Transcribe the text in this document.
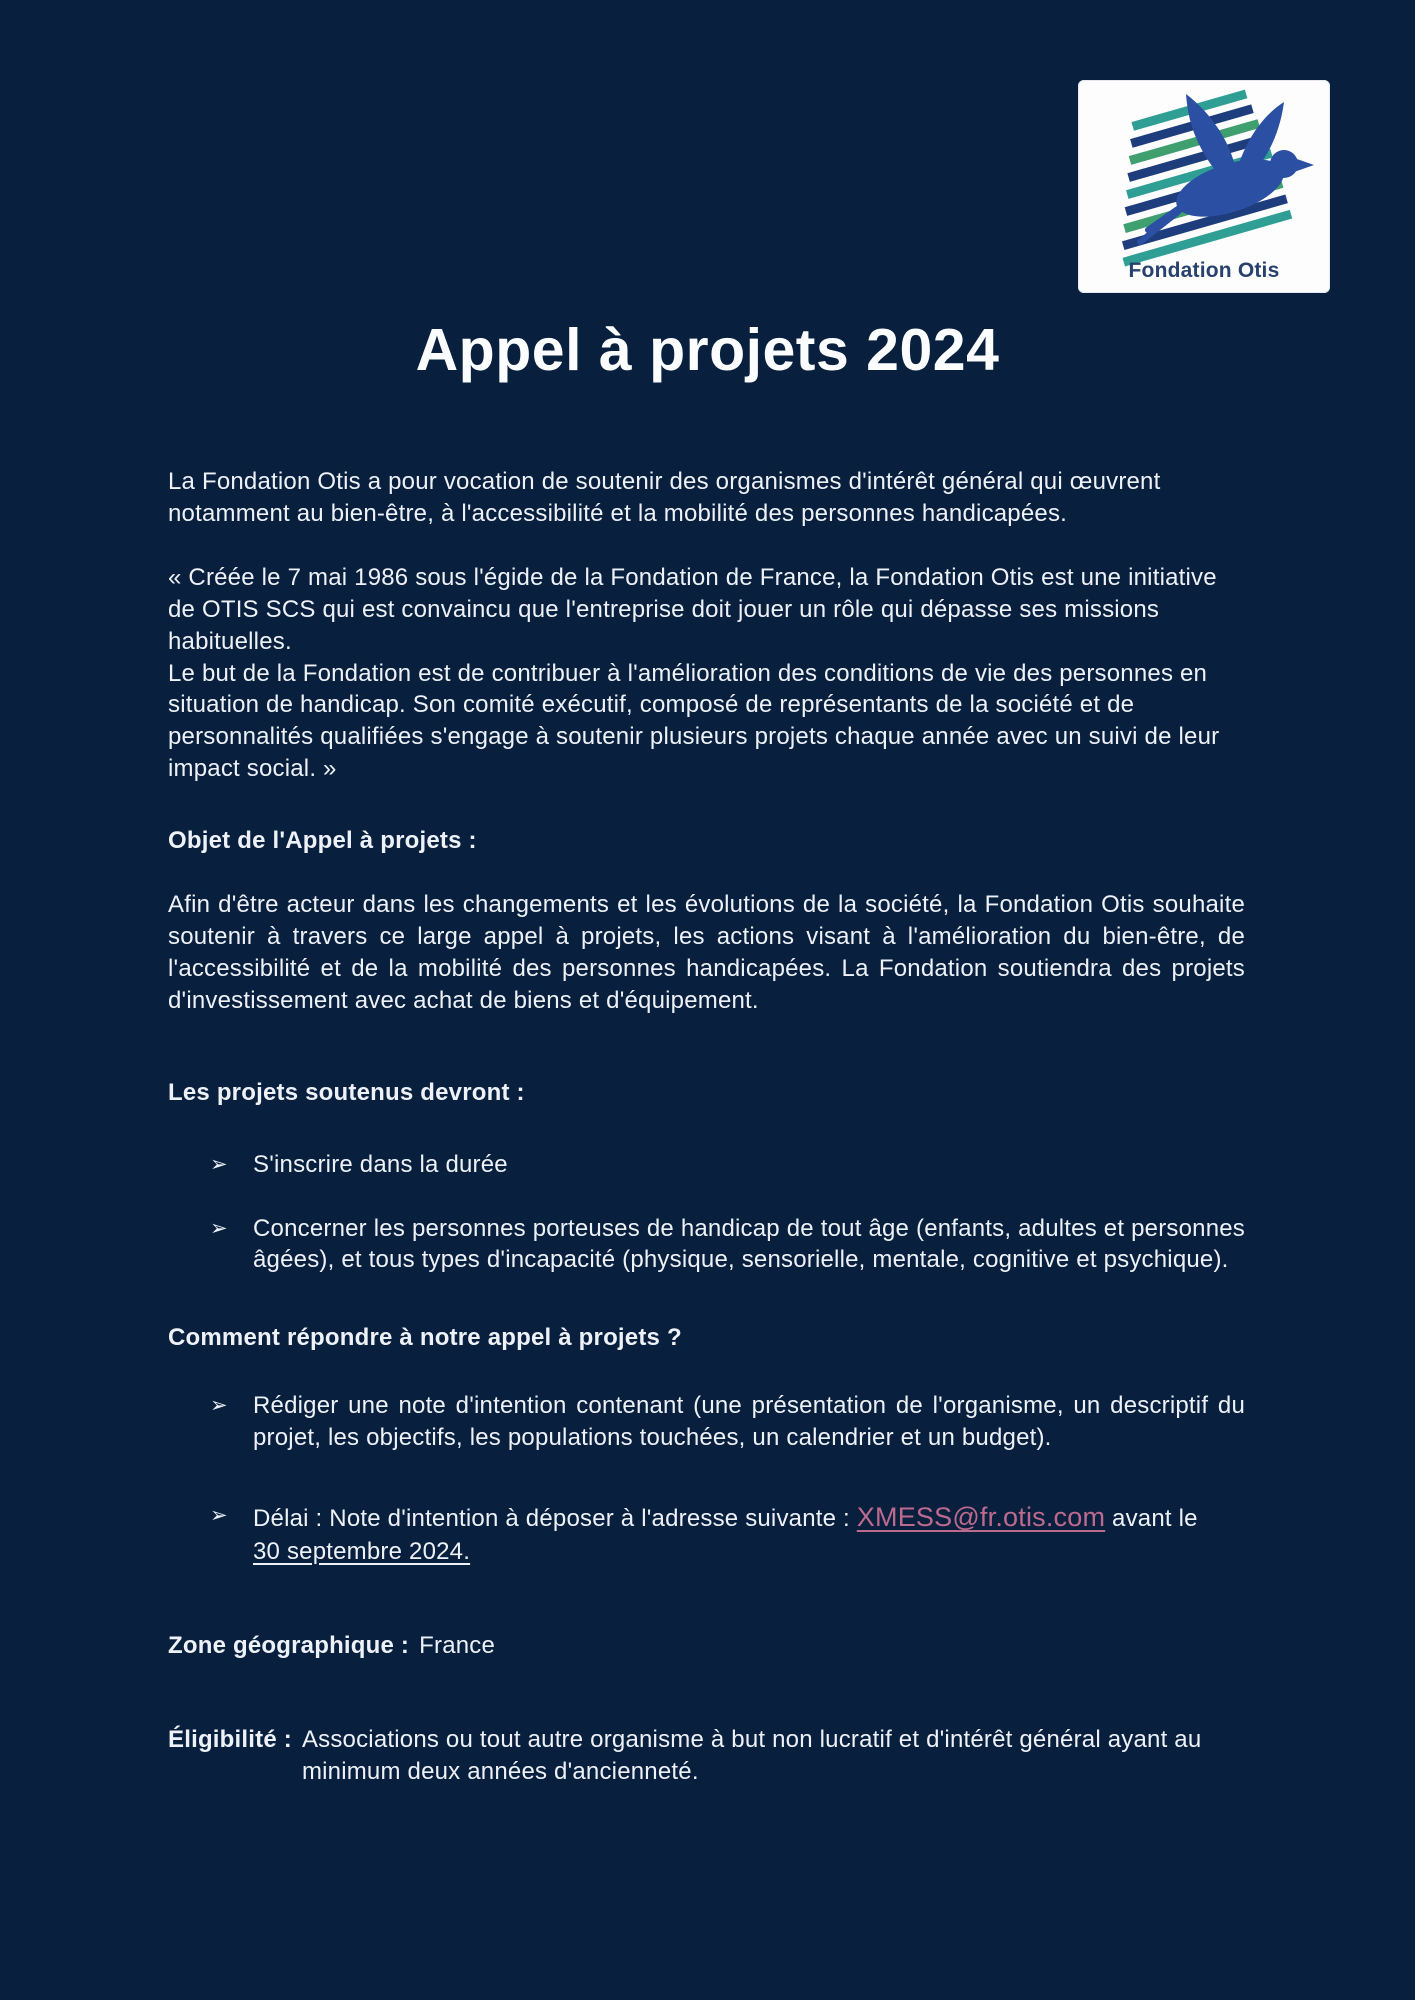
Fondation Otis
Appel à projets 2024

La Fondation Otis a pour vocation de soutenir des organismes d'intérêt général qui œuvrent notamment au bien-être, à l'accessibilité et la mobilité des personnes handicapées.

« Créée le 7 mai 1986 sous l'égide de la Fondation de France, la Fondation Otis est une initiative de OTIS SCS qui est convaincu que l'entreprise doit jouer un rôle qui dépasse ses missions habituelles.
Le but de la Fondation est de contribuer à l'amélioration des conditions de vie des personnes en situation de handicap. Son comité exécutif, composé de représentants de la société et de personnalités qualifiées s'engage à soutenir plusieurs projets chaque année avec un suivi de leur impact social. »

Objet de l'Appel à projets :

Afin d'être acteur dans les changements et les évolutions de la société, la Fondation Otis souhaite soutenir à travers ce large appel à projets, les actions visant à l'amélioration du bien-être, de l'accessibilité et de la mobilité des personnes handicapées. La Fondation soutiendra des projets d'investissement avec achat de biens et d'équipement.

Les projets soutenus devront :

➢	S'inscrire dans la durée
➢	Concerner les personnes porteuses de handicap de tout âge (enfants, adultes et personnes âgées), et tous types d'incapacité (physique, sensorielle, mentale, cognitive et psychique).

Comment répondre à notre appel à projets ?

➢	Rédiger une note d'intention contenant (une présentation de l'organisme, un descriptif du projet, les objectifs, les populations touchées, un calendrier et un budget).
➢	Délai : Note d'intention à déposer à l'adresse suivante : XMESS@fr.otis.com avant le
30 septembre 2024.
Zone géographique : France
Éligibilité : Associations ou tout autre organisme à but non lucratif et d'intérêt général ayant au minimum deux années d'ancienneté.
